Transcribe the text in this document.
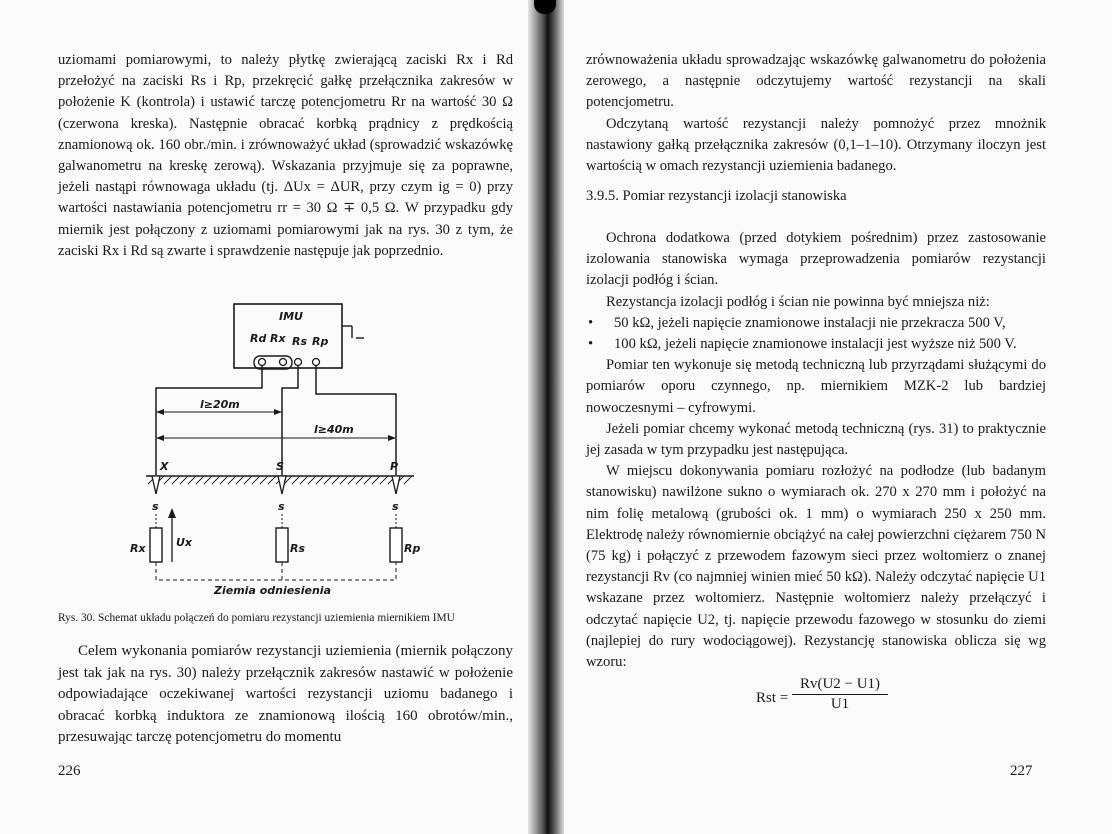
uziomami pomiarowymi, to należy płytkę zwierającą zaciski Rx i Rd przełożyć na zaciski Rs i Rp, przekręcić gałkę przełącznika zakresów w położenie K (kontrola) i ustawić tarczę potencjometru Rr na wartość 30 Ω (czerwona kreska). Następnie obracać korbką prądnicy z prędkością znamionową ok. 160 obr./min. i zrównoważyć układ (sprowadzić wskazówkę galwanometru na kreskę zerową). Wskazania przyjmuje się za poprawne, jeżeli nastąpi równowaga układu (tj. ΔUx = ΔUR, przy czym ig = 0) przy wartości nastawiania potencjometru rr = 30 Ω ∓ 0,5 Ω. W przypadku gdy miernik jest połączony z uziomami pomiarowymi jak na rys. 30 z tym, że zaciski Rx i Rd są zwarte i sprawdzenie następuje jak poprzednio.

IMU
Rd Rx Rs Rp
l≥20m
l≥40m
X	S	P
s	s	s
Rx	Rs	Rp
Ux
Ziemia odniesienia
Rys. 30. Schemat układu połączeń do pomiaru rezystancji uziemienia miernikiem IMU

Celem wykonania pomiarów rezystancji uziemienia (miernik połączony jest tak jak na rys. 30) należy przełącznik zakresów nastawić w położenie odpowiadające oczekiwanej wartości rezystancji uziomu badanego i obracać korbką induktora ze znamionową ilością 160 obrotów/min., przesuwając tarczę potencjometru do momentu

226

zrównoważenia układu sprowadzając wskazówkę galwanometru do położenia zerowego, a następnie odczytujemy wartość rezystancji na skali potencjometru.

Odczytaną wartość rezystancji należy pomnożyć przez mnożnik nastawiony gałką przełącznika zakresów (0,1–1–10). Otrzymany iloczyn jest wartością w omach rezystancji uziemienia badanego.

3.9.5. Pomiar rezystancji izolacji stanowiska

Ochrona dodatkowa (przed dotykiem pośrednim) przez zastosowanie izolowania stanowiska wymaga przeprowadzenia pomiarów rezystancji izolacji podłóg i ścian.

Rezystancja izolacji podłóg i ścian nie powinna być mniejsza niż:

• 50 kΩ, jeżeli napięcie znamionowe instalacji nie przekracza 500 V,

• 100 kΩ, jeżeli napięcie znamionowe instalacji jest wyższe niż 500 V.

Pomiar ten wykonuje się metodą techniczną lub przyrządami służącymi do pomiarów oporu czynnego, np. miernikiem MZK-2 lub bardziej nowoczesnymi – cyfrowymi.

Jeżeli pomiar chcemy wykonać metodą techniczną (rys. 31) to praktycznie jej zasada w tym przypadku jest następująca.

W miejscu dokonywania pomiaru rozłożyć na podłodze (lub badanym stanowisku) nawilżone sukno o wymiarach ok. 270 x 270 mm i położyć na nim folię metalową (grubości ok. 1 mm) o wymiarach 250 x 250 mm. Elektrodę należy równomiernie obciążyć na całej powierzchni ciężarem 750 N (75 kg) i połączyć z przewodem fazowym sieci przez woltomierz o znanej rezystancji Rv (co najmniej winien mieć 50 kΩ). Należy odczytać napięcie U1 wskazane przez woltomierz. Następnie woltomierz należy przełączyć i odczytać napięcie U2, tj. napięcie przewodu fazowego w stosunku do ziemi (najlepiej do rury wodociągowej). Rezystancję stanowiska oblicza się wg wzoru:

Rst = $\frac{Rv(U2 - U1)}{U1}$
227
